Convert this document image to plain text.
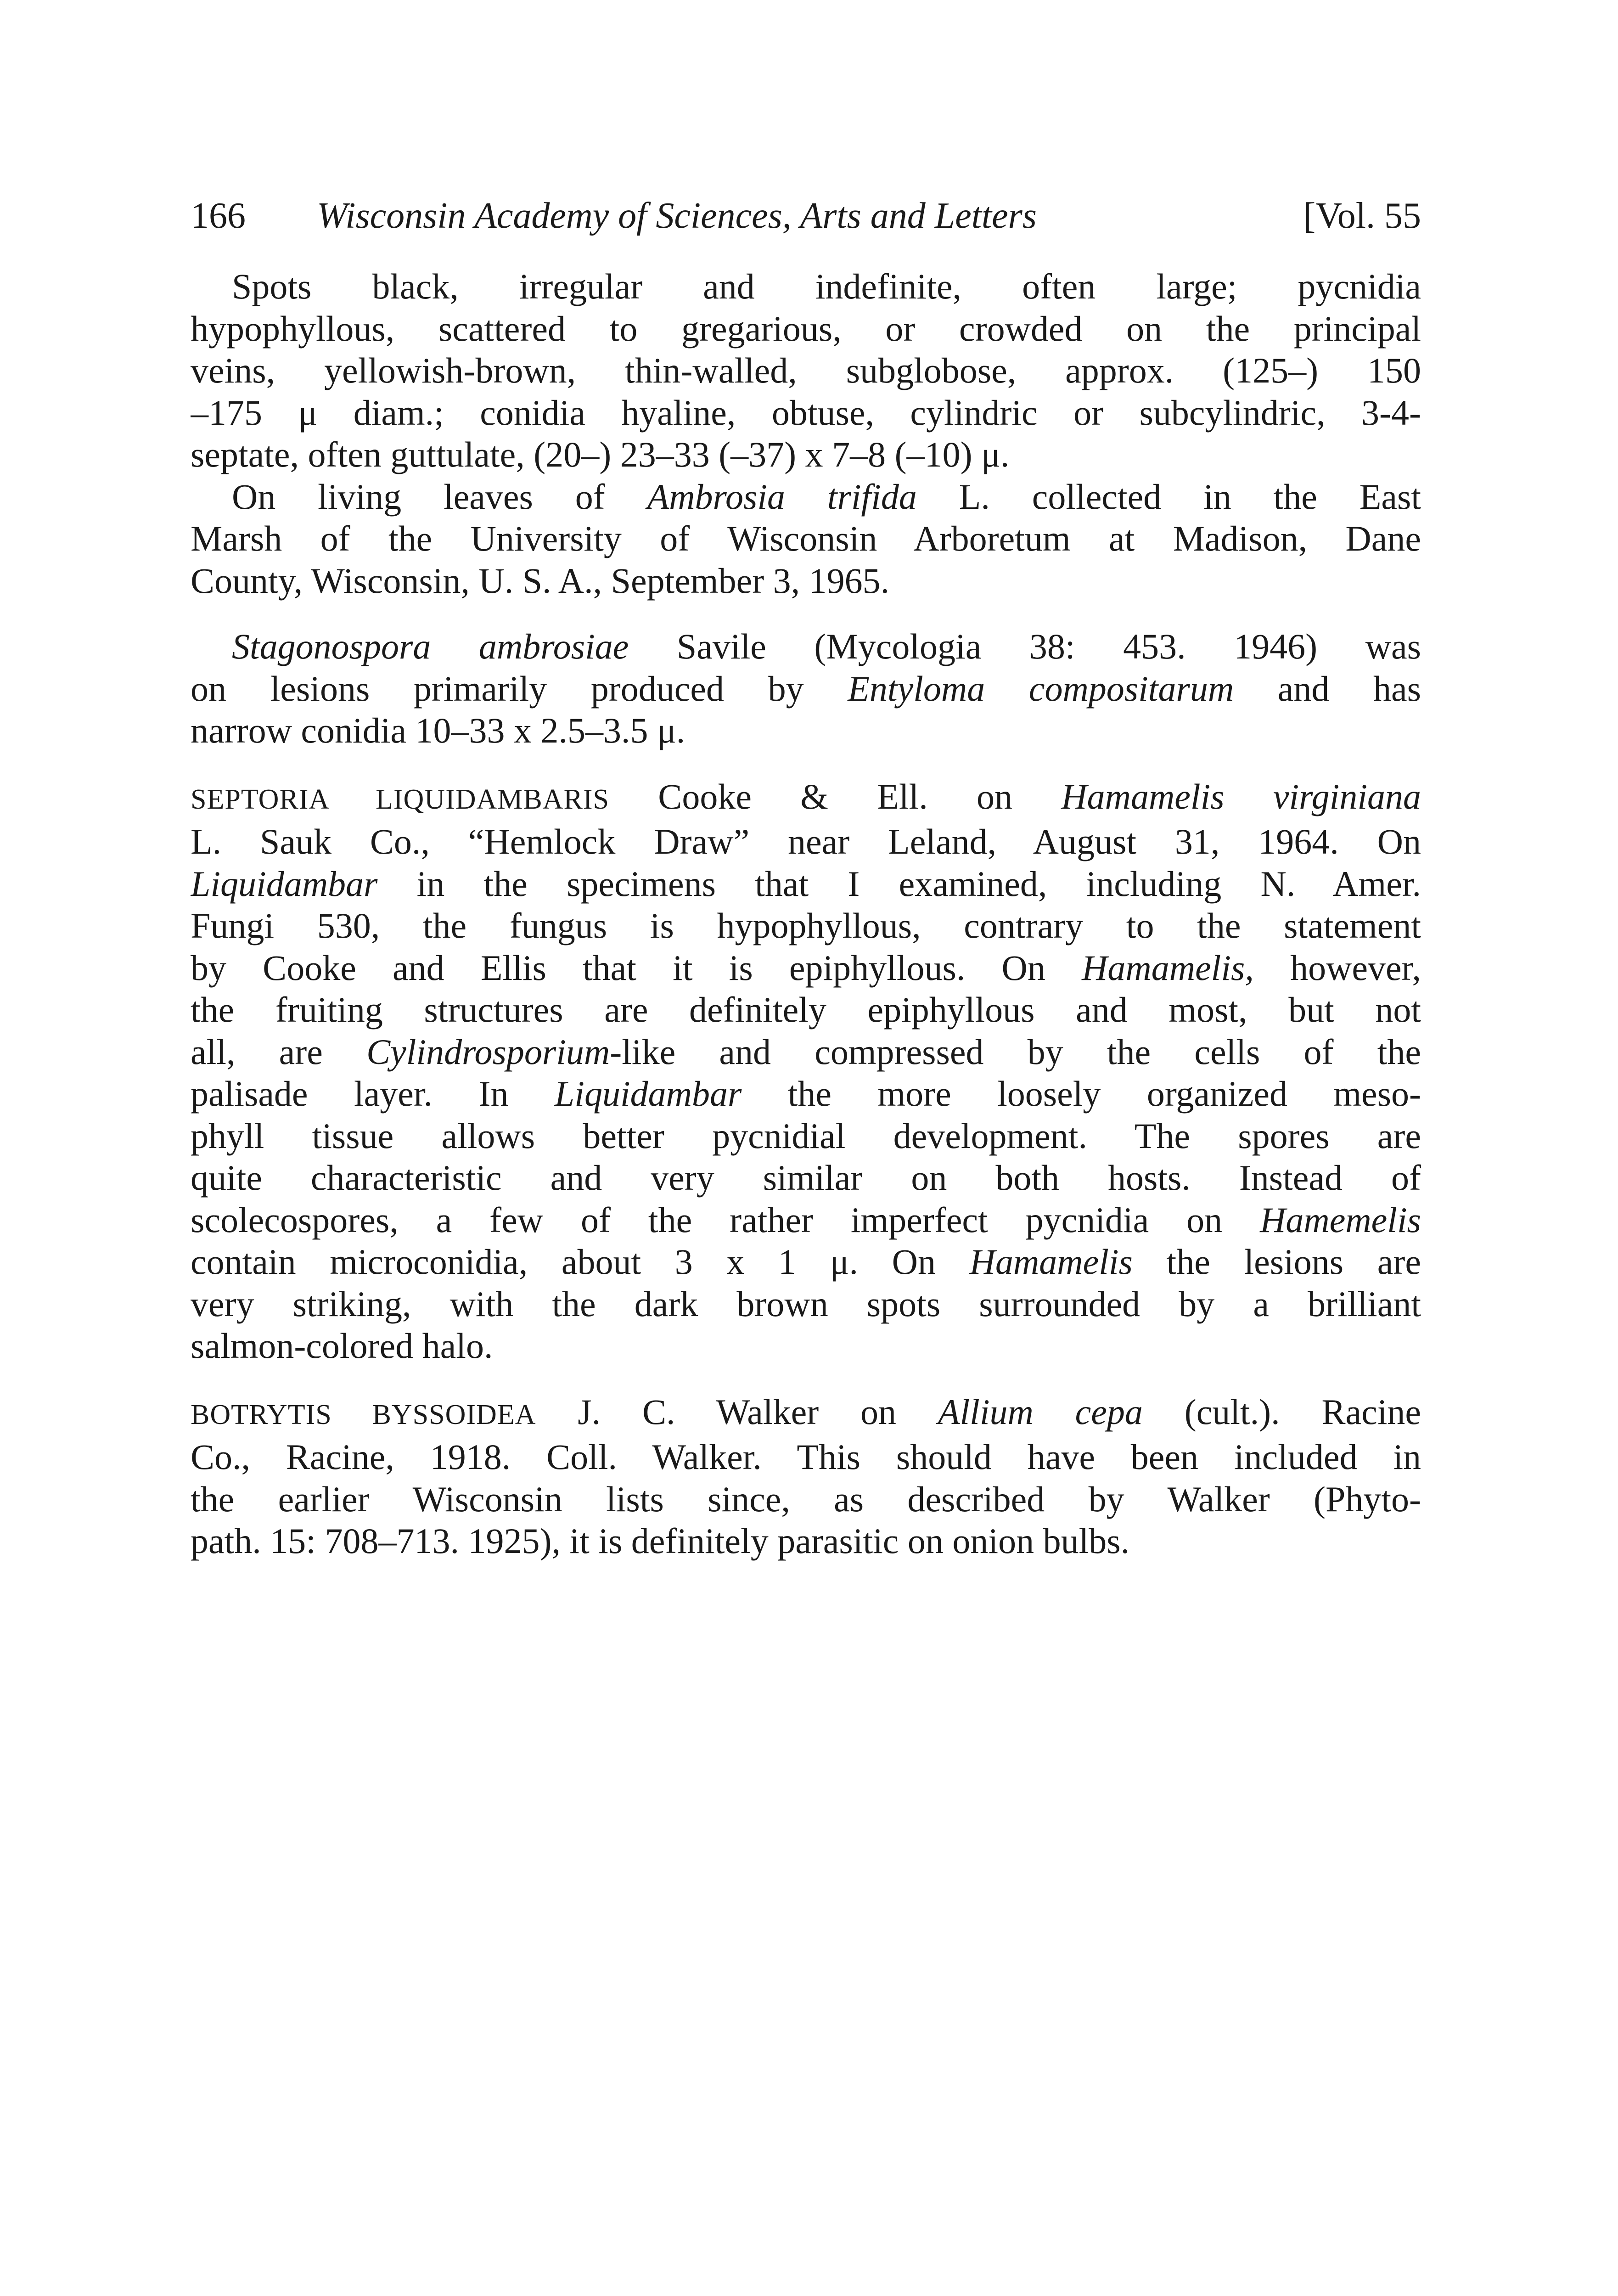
166 Wisconsin Academy of Sciences, Arts and Letters	[Vol. 55
Spots black, irregular and indefinite, often large; pycnidia
hypophyllous, scattered to gregarious, or crowded on the principal
veins, yellowish-brown, thin-walled, subglobose, approx. (125–) 150
–175 μ diam.; conidia hyaline, obtuse, cylindric or subcylindric, 3-4-
septate, often guttulate, (20–) 23–33 (–37) x 7–8 (–10) μ.
On living leaves of Ambrosia trifida L. collected in the East
Marsh of the University of Wisconsin Arboretum at Madison, Dane
County, Wisconsin, U. S. A., September 3, 1965.
Stagonospora ambrosiae Savile (Mycologia 38: 453. 1946) was
on lesions primarily produced by Entyloma compositarum and has
narrow conidia 10–33 x 2.5–3.5 μ.
SEPTORIA LIQUIDAMBARIS Cooke & Ell. on Hamamelis virginiana
L. Sauk Co., “Hemlock Draw” near Leland, August 31, 1964. On
Liquidambar in the specimens that I examined, including N. Amer.
Fungi 530, the fungus is hypophyllous, contrary to the statement
by Cooke and Ellis that it is epiphyllous. On Hamamelis, however,
the fruiting structures are definitely epiphyllous and most, but not
all, are Cylindrosporium-like and compressed by the cells of the
palisade layer. In Liquidambar the more loosely organized meso-
phyll tissue allows better pycnidial development. The spores are
quite characteristic and very similar on both hosts. Instead of
scolecospores, a few of the rather imperfect pycnidia on Hamemelis
contain microconidia, about 3 x 1 μ. On Hamamelis the lesions are
very striking, with the dark brown spots surrounded by a brilliant
salmon-colored halo.
BOTRYTIS BYSSOIDEA J. C. Walker on Allium cepa (cult.). Racine
Co., Racine, 1918. Coll. Walker. This should have been included in
the earlier Wisconsin lists since, as described by Walker (Phyto-
path. 15: 708–713. 1925), it is definitely parasitic on onion bulbs.
